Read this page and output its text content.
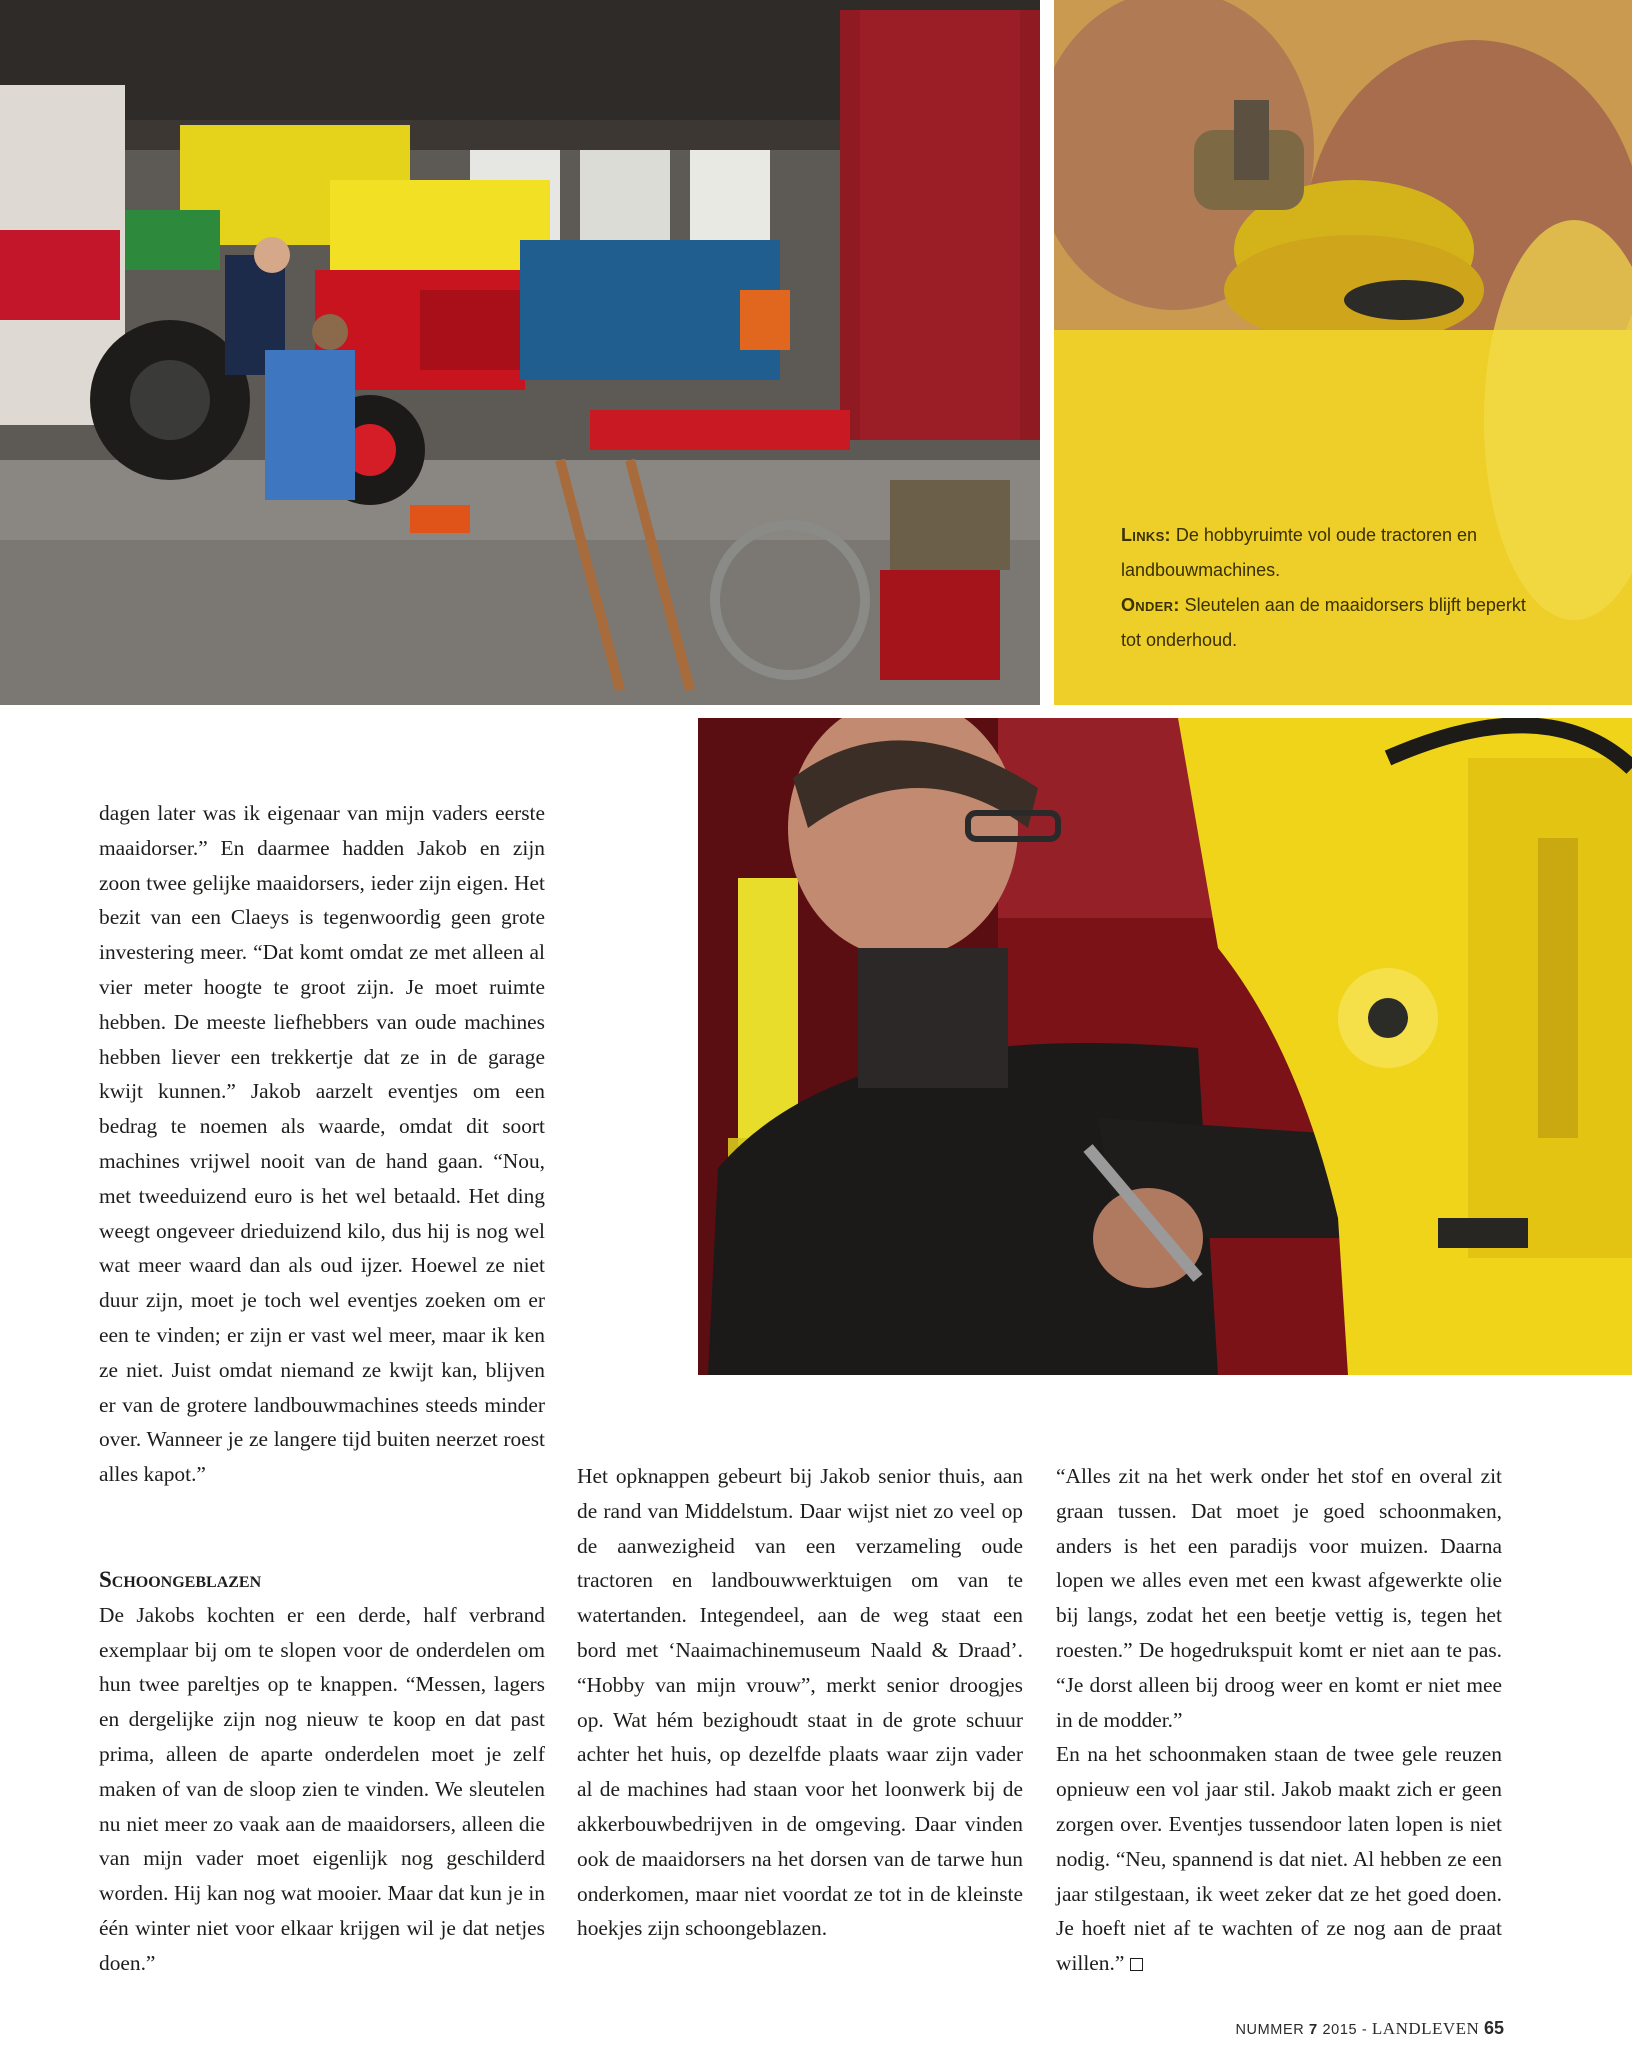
Links: De hobbyruimte vol oude tractoren en landbouwmachines.

Onder: Sleutelen aan de maaidorsers blijft beperkt tot onderhoud.

dagen later was ik eigenaar van mijn vaders eerste maaidorser.” En daarmee hadden Jakob en zijn zoon twee gelijke maaidorsers, ieder zijn eigen. Het bezit van een Claeys is tegenwoordig geen grote investering meer. “Dat komt omdat ze met alleen al vier meter hoogte te groot zijn. Je moet ruimte hebben. De meeste liefhebbers van oude machines hebben liever een trekkertje dat ze in de garage kwijt kunnen.” Jakob aarzelt eventjes om een bedrag te noemen als waarde, omdat dit soort machines vrijwel nooit van de hand gaan. “Nou, met tweeduizend euro is het wel betaald. Het ding weegt ongeveer drieduizend kilo, dus hij is nog wel wat meer waard dan als oud ijzer. Hoewel ze niet duur zijn, moet je toch wel eventjes zoeken om er een te vinden; er zijn er vast wel meer, maar ik ken ze niet. Juist omdat niemand ze kwijt kan, blijven er van de grotere landbouwmachines steeds minder over. Wanneer je ze langere tijd buiten neerzet roest alles kapot.”

Schoongeblazen

De Jakobs kochten er een derde, half verbrand exemplaar bij om te slopen voor de onderdelen om hun twee pareltjes op te knappen. “Messen, lagers en dergelijke zijn nog nieuw te koop en dat past prima, alleen de aparte onderdelen moet je zelf maken of van de sloop zien te vinden. We sleutelen nu niet meer zo vaak aan de maaidorsers, alleen die van mijn vader moet eigenlijk nog geschilderd worden. Hij kan nog wat mooier. Maar dat kun je in één winter niet voor elkaar krijgen wil je dat netjes doen.”

Het opknappen gebeurt bij Jakob senior thuis, aan de rand van Middelstum. Daar wijst niet zo veel op de aanwezigheid van een verzameling oude tractoren en landbouwwerktuigen om van te watertanden. Integendeel, aan de weg staat een bord met ‘Naaimachinemuseum Naald & Draad’. “Hobby van mijn vrouw”, merkt senior droogjes op. Wat hém bezighoudt staat in de grote schuur achter het huis, op dezelfde plaats waar zijn vader al de machines had staan voor het loonwerk bij de akkerbouwbedrijven in de omgeving. Daar vinden ook de maaidorsers na het dorsen van de tarwe hun onderkomen, maar niet voordat ze tot in de kleinste hoekjes zijn schoongeblazen.

“Alles zit na het werk onder het stof en overal zit graan tussen. Dat moet je goed schoonmaken, anders is het een paradijs voor muizen. Daarna lopen we alles even met een kwast afgewerkte olie bij langs, zodat het een beetje vettig is, tegen het roesten.” De hogedrukspuit komt er niet aan te pas. “Je dorst alleen bij droog weer en komt er niet mee in de modder.”

En na het schoonmaken staan de twee gele reuzen opnieuw een vol jaar stil. Jakob maakt zich er geen zorgen over. Eventjes tussendoor laten lopen is niet nodig. “Neu, spannend is dat niet. Al hebben ze een jaar stilgestaan, ik weet zeker dat ze het goed doen. Je hoeft niet af te wachten of ze nog aan de praat willen.”

NUMMER 7 2015 - LANDLEVEN 65
